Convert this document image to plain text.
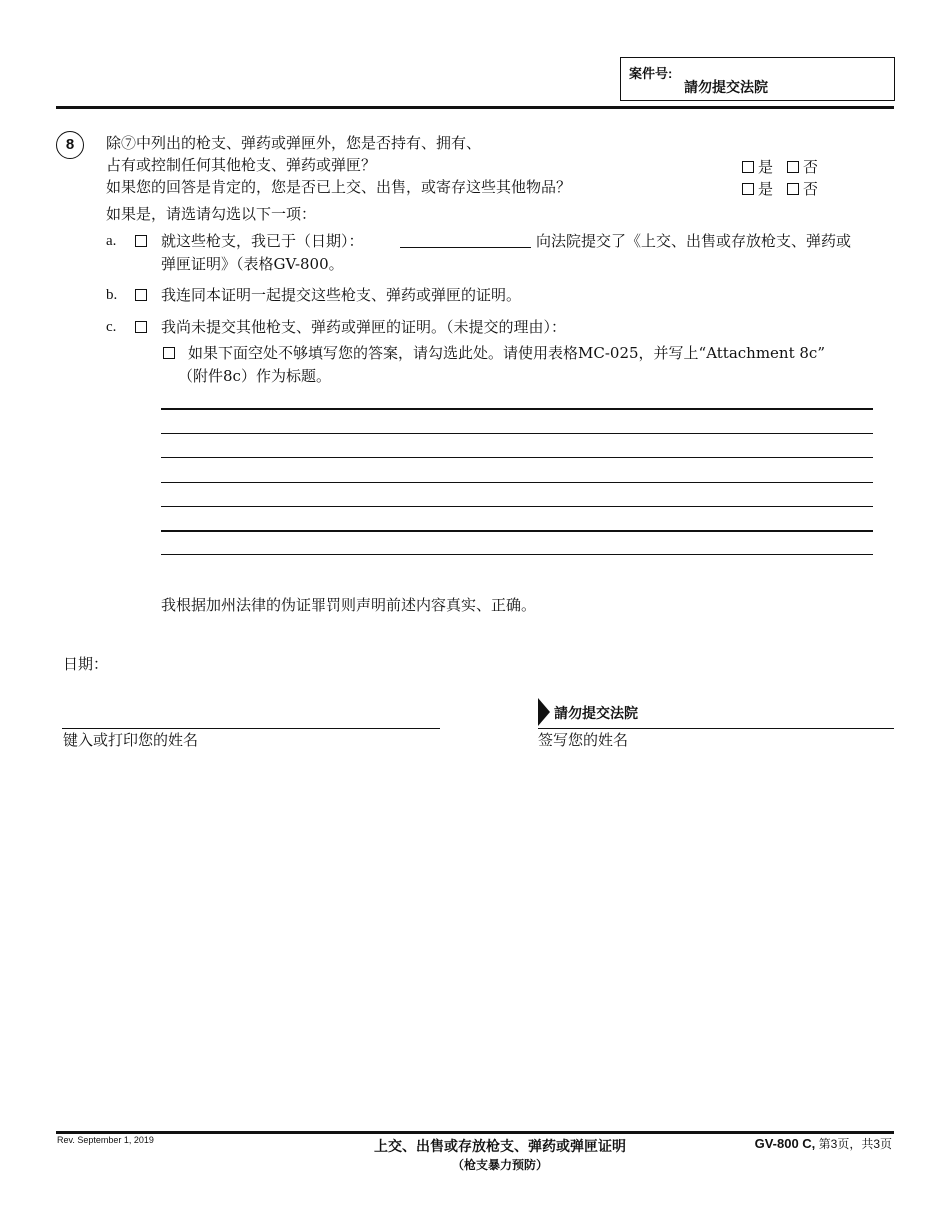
案件号:
請勿提交法院
8	除⑦中列出的枪支、弹药或弹匣外，您是否持有、拥有、
占有或控制任何其他枪支、弹药或弹匣？
如果您的回答是肯定的，您是否已上交、出售，或寄存这些其他物品？
是 否
是 否
如果是，请选请勾选以下一项：
a.	就这些枪支，我已于（日期）：	向法院提交了《上交、出售或存放枪支、弹药或
弹匣证明》（表格GV-800。
b.	我连同本证明一起提交这些枪支、弹药或弹匣的证明。
c.	我尚未提交其他枪支、弹药或弹匣的证明。（未提交的理由）：
如果下面空处不够填写您的答案，请勾选此处。请使用表格MC-025，并写上“Attachment 8c”
（附件8c）作为标题。
我根据加州法律的伪证罪罚则声明前述内容真实、正确。
日期：
键入或打印您的姓名
請勿提交法院
签写您的姓名
Rev. September 1, 2019	上交、出售或存放枪支、弹药或弹匣证明
（枪支暴力预防）
GV-800 C, 第3页，共3页
